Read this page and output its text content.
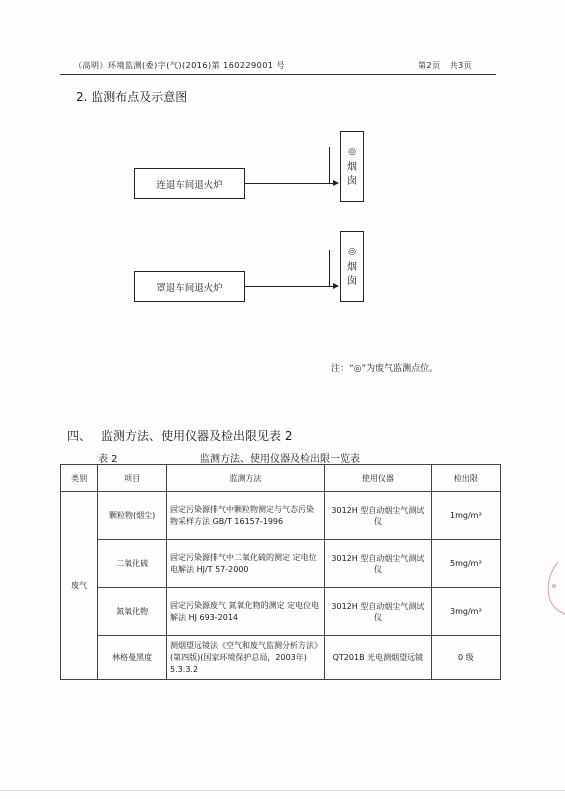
（高明）环境监测(委)字(气)(2016)第 160229001 号	第2页 共3页
2. 监测布点及示意图
连退车间退火炉
◎
烟
囱
罩退车间退火炉
◎
烟
囱
注：“◎”为废气监测点位。
四、 监测方法、使用仪器及检出限见表 2
表 2	监测方法、使用仪器及检出限一览表
类别	项目	监测方法	使用仪器	检出限
废气	颗粒物(烟尘)	固定污染源排气中颗粒物测定与气态污染物采样方法 GB/T 16157-1996	3012H 型自动烟尘气测试仪	1mg/m³
	二氧化硫	固定污染源排气中二氧化硫的测定 定电位电解法 HJ/T 57-2000	3012H 型自动烟尘气测试仪	5mg/m³
	氮氧化物	固定污染源废气 氮氧化物的测定 定电位电解法 HJ 693-2014	3012H 型自动烟尘气测试仪	3mg/m³
	林格曼黑度	测烟望远镜法《空气和废气监测分析方法》(第四版)(国家环境保护总局，2003年) 5.3.3.2	QT201B 光电测烟望远镜	0 级
